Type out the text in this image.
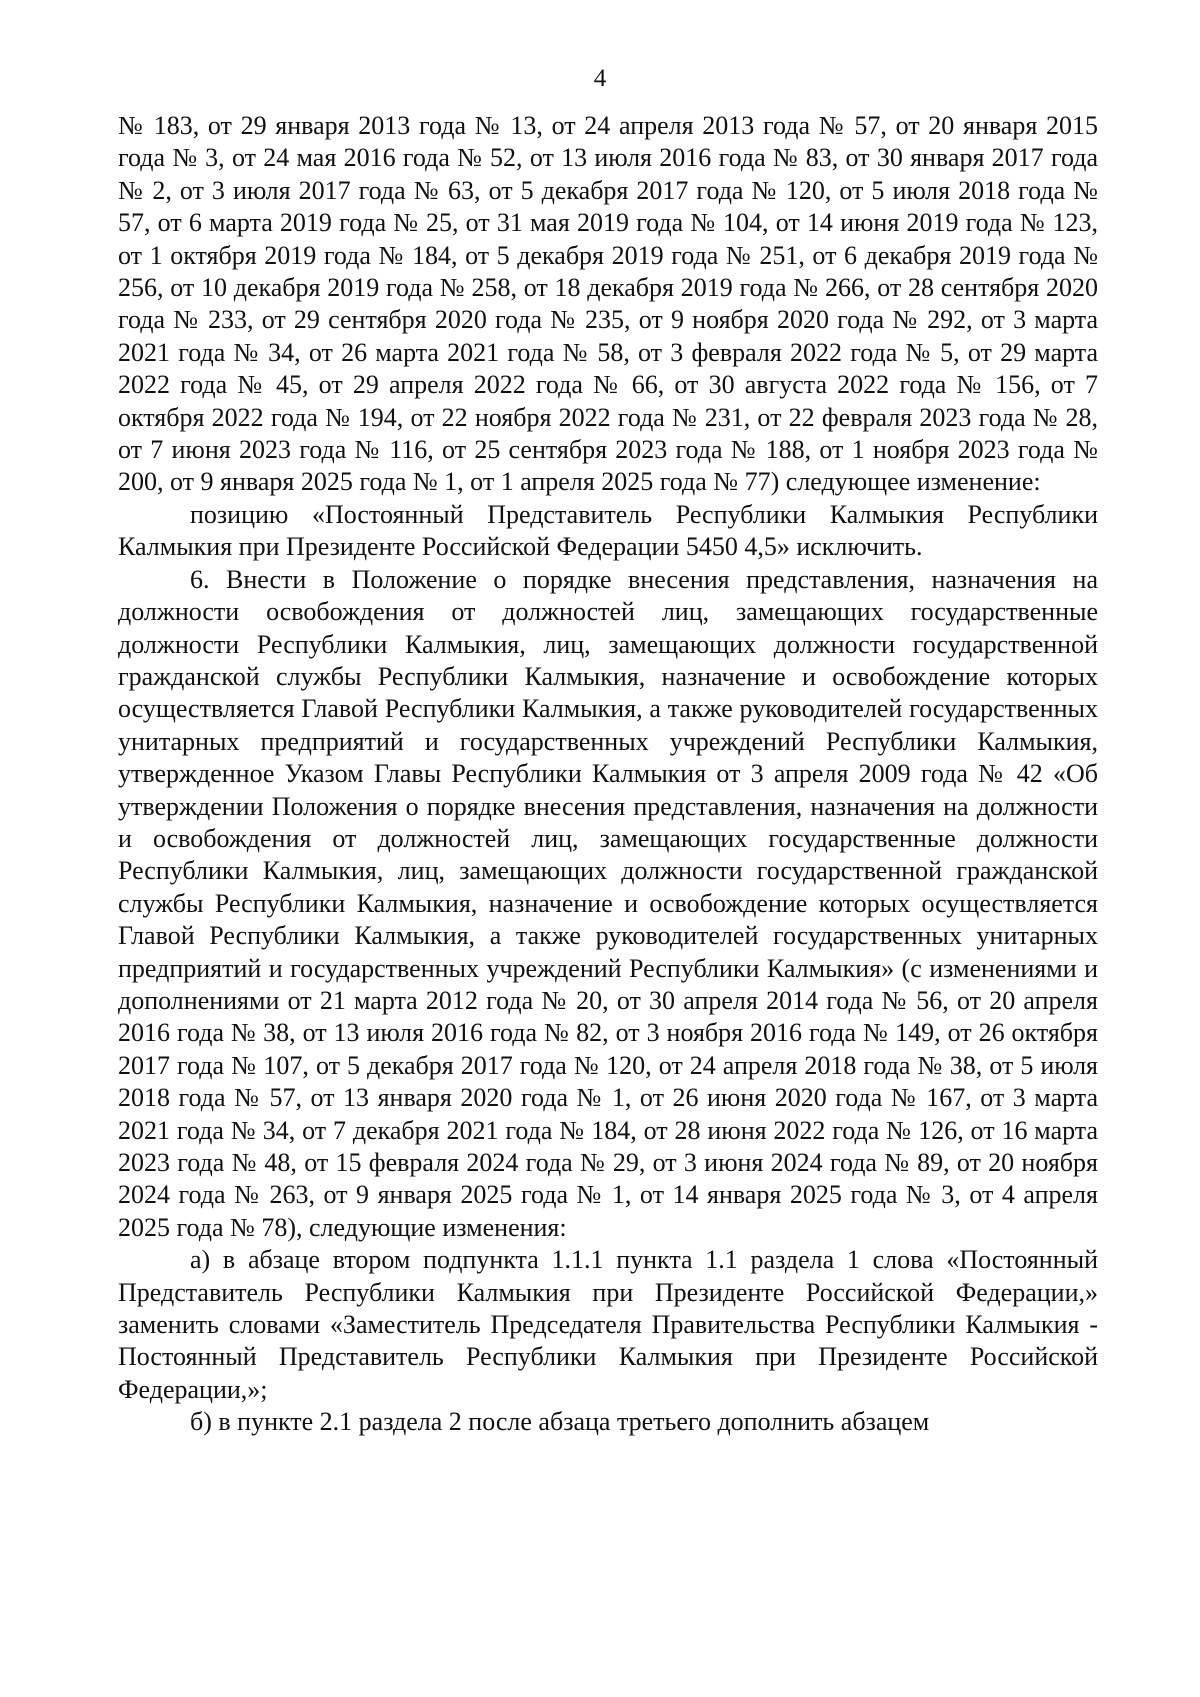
4

№ 183, от 29 января 2013 года № 13, от 24 апреля 2013 года № 57, от 20 января 2015 года № 3, от 24 мая 2016 года № 52, от 13 июля 2016 года № 83, от 30 января 2017 года № 2, от 3 июля 2017 года № 63, от 5 декабря 2017 года № 120, от 5 июля 2018 года № 57, от 6 марта 2019 года № 25, от 31 мая 2019 года № 104, от 14 июня 2019 года № 123, от 1 октября 2019 года № 184, от 5 декабря 2019 года № 251, от 6 декабря 2019 года № 256, от 10 декабря 2019 года № 258, от 18 декабря 2019 года № 266, от 28 сентября 2020 года № 233, от 29 сентября 2020 года № 235, от 9 ноября 2020 года № 292, от 3 марта 2021 года № 34, от 26 марта 2021 года № 58, от 3 февраля 2022 года № 5, от 29 марта 2022 года № 45, от 29 апреля 2022 года № 66, от 30 августа 2022 года № 156, от 7 октября 2022 года № 194, от 22 ноября 2022 года № 231, от 22 февраля 2023 года № 28, от 7 июня 2023 года № 116, от 25 сентября 2023 года № 188, от 1 ноября 2023 года № 200, от 9 января 2025 года № 1, от 1 апреля 2025 года № 77) следующее изменение:

позицию «Постоянный Представитель Республики Калмыкия Республики Калмыкия при Президенте Российской Федерации 5450 4,5» исключить.

6. Внести в Положение о порядке внесения представления, назначения на должности освобождения от должностей лиц, замещающих государственные должности Республики Калмыкия, лиц, замещающих должности государственной гражданской службы Республики Калмыкия, назначение и освобождение которых осуществляется Главой Республики Калмыкия, а также руководителей государственных унитарных предприятий и государственных учреждений Республики Калмыкия, утвержденное Указом Главы Республики Калмыкия от 3 апреля 2009 года № 42 «Об утверждении Положения о порядке внесения представления, назначения на должности и освобождения от должностей лиц, замещающих государственные должности Республики Калмыкия, лиц, замещающих должности государственной гражданской службы Республики Калмыкия, назначение и освобождение которых осуществляется Главой Республики Калмыкия, а также руководителей государственных унитарных предприятий и государственных учреждений Республики Калмыкия» (с изменениями и дополнениями от 21 марта 2012 года № 20, от 30 апреля 2014 года № 56, от 20 апреля 2016 года № 38, от 13 июля 2016 года № 82, от 3 ноября 2016 года № 149, от 26 октября 2017 года № 107, от 5 декабря 2017 года № 120, от 24 апреля 2018 года № 38, от 5 июля 2018 года № 57, от 13 января 2020 года № 1, от 26 июня 2020 года № 167, от 3 марта 2021 года № 34, от 7 декабря 2021 года № 184, от 28 июня 2022 года № 126, от 16 марта 2023 года № 48, от 15 февраля 2024 года № 29, от 3 июня 2024 года № 89, от 20 ноября 2024 года № 263, от 9 января 2025 года № 1, от 14 января 2025 года № 3, от 4 апреля 2025 года № 78), следующие изменения:

а) в абзаце втором подпункта 1.1.1 пункта 1.1 раздела 1 слова «Постоянный Представитель Республики Калмыкия при Президенте Российской Федерации,» заменить словами «Заместитель Председателя Правительства Республики Калмыкия - Постоянный Представитель Республики Калмыкия при Президенте Российской Федерации,»;

б) в пункте 2.1 раздела 2 после абзаца третьего дополнить абзацем
